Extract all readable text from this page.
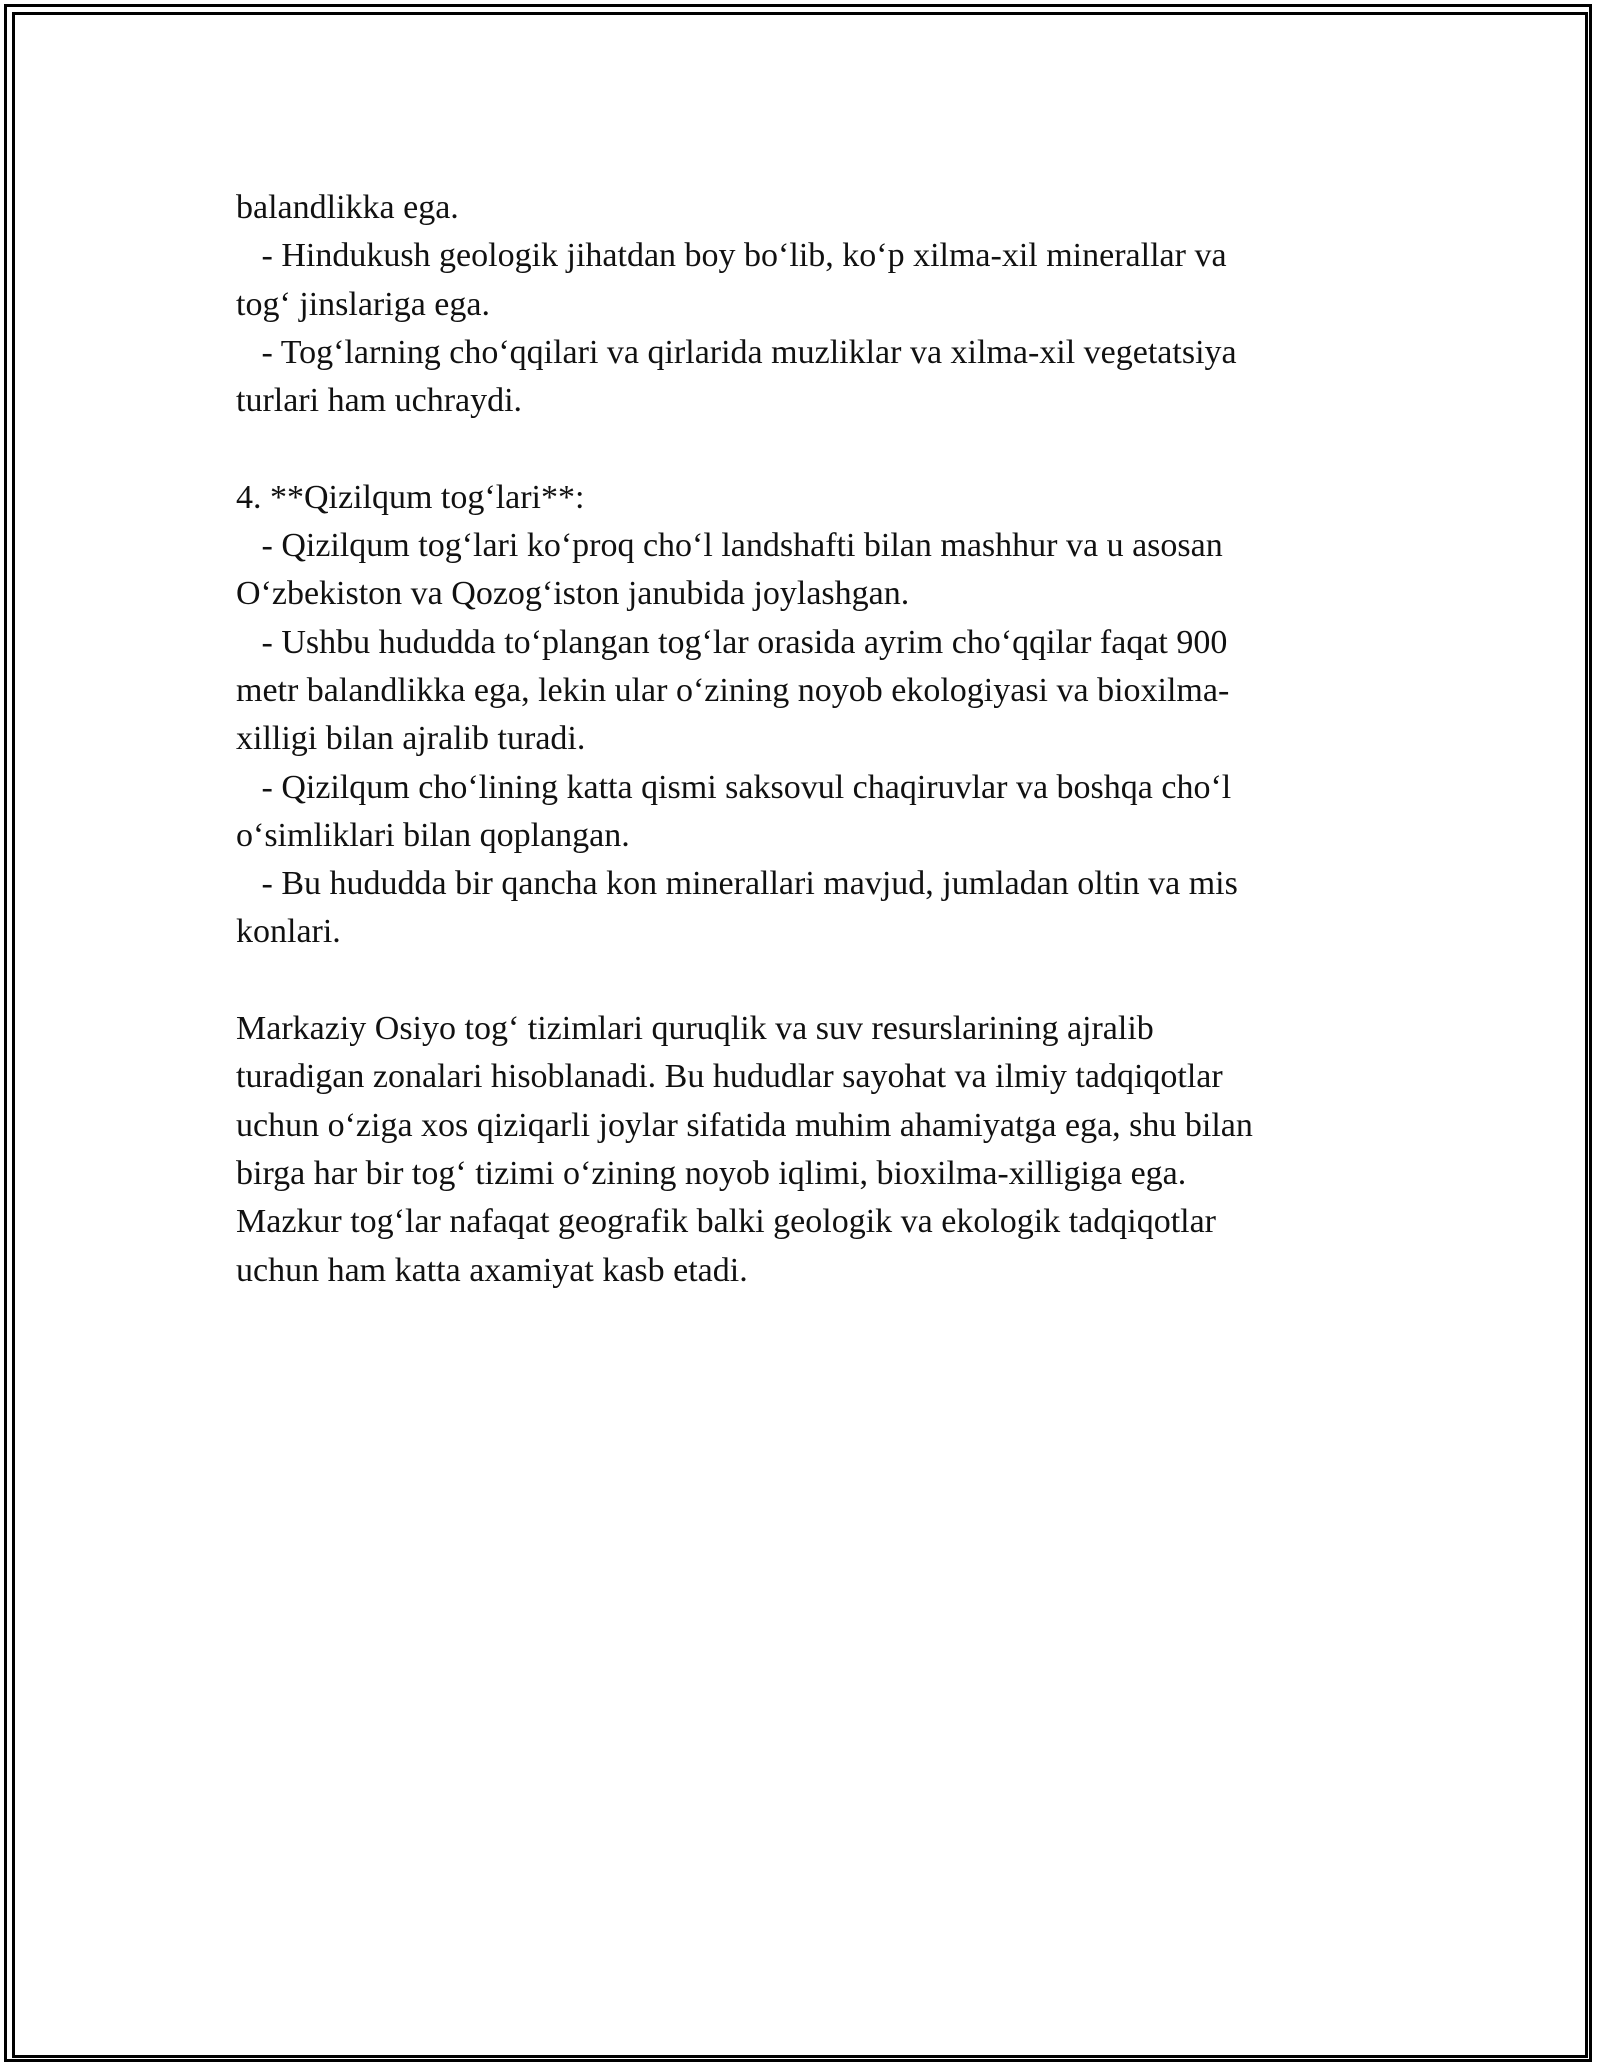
balandlikka ega.
- Hindukush geologik jihatdan boy boʻlib, koʻp xilma-xil minerallar va
togʻ jinslariga ega.
- Togʻlarning choʻqqilari va qirlarida muzliklar va xilma-xil vegetatsiya
turlari ham uchraydi.
4. **Qizilqum togʻlari**:
- Qizilqum togʻlari koʻproq choʻl landshafti bilan mashhur va u asosan
Oʻzbekiston va Qozogʻiston janubida joylashgan.
- Ushbu hududda toʻplangan togʻlar orasida ayrim choʻqqilar faqat 900
metr balandlikka ega, lekin ular oʻzining noyob ekologiyasi va bioxilma-
xilligi bilan ajralib turadi.
- Qizilqum choʻlining katta qismi saksovul chaqiruvlar va boshqa choʻl
oʻsimliklari bilan qoplangan.
- Bu hududda bir qancha kon minerallari mavjud, jumladan oltin va mis
konlari.
Markaziy Osiyo togʻ tizimlari quruqlik va suv resurslarining ajralib
turadigan zonalari hisoblanadi. Bu hududlar sayohat va ilmiy tadqiqotlar
uchun oʻziga xos qiziqarli joylar sifatida muhim ahamiyatga ega, shu bilan
birga har bir togʻ tizimi oʻzining noyob iqlimi, bioxilma-xilligiga ega.
Mazkur togʻlar nafaqat geografik balki geologik va ekologik tadqiqotlar
uchun ham katta axamiyat kasb etadi.
